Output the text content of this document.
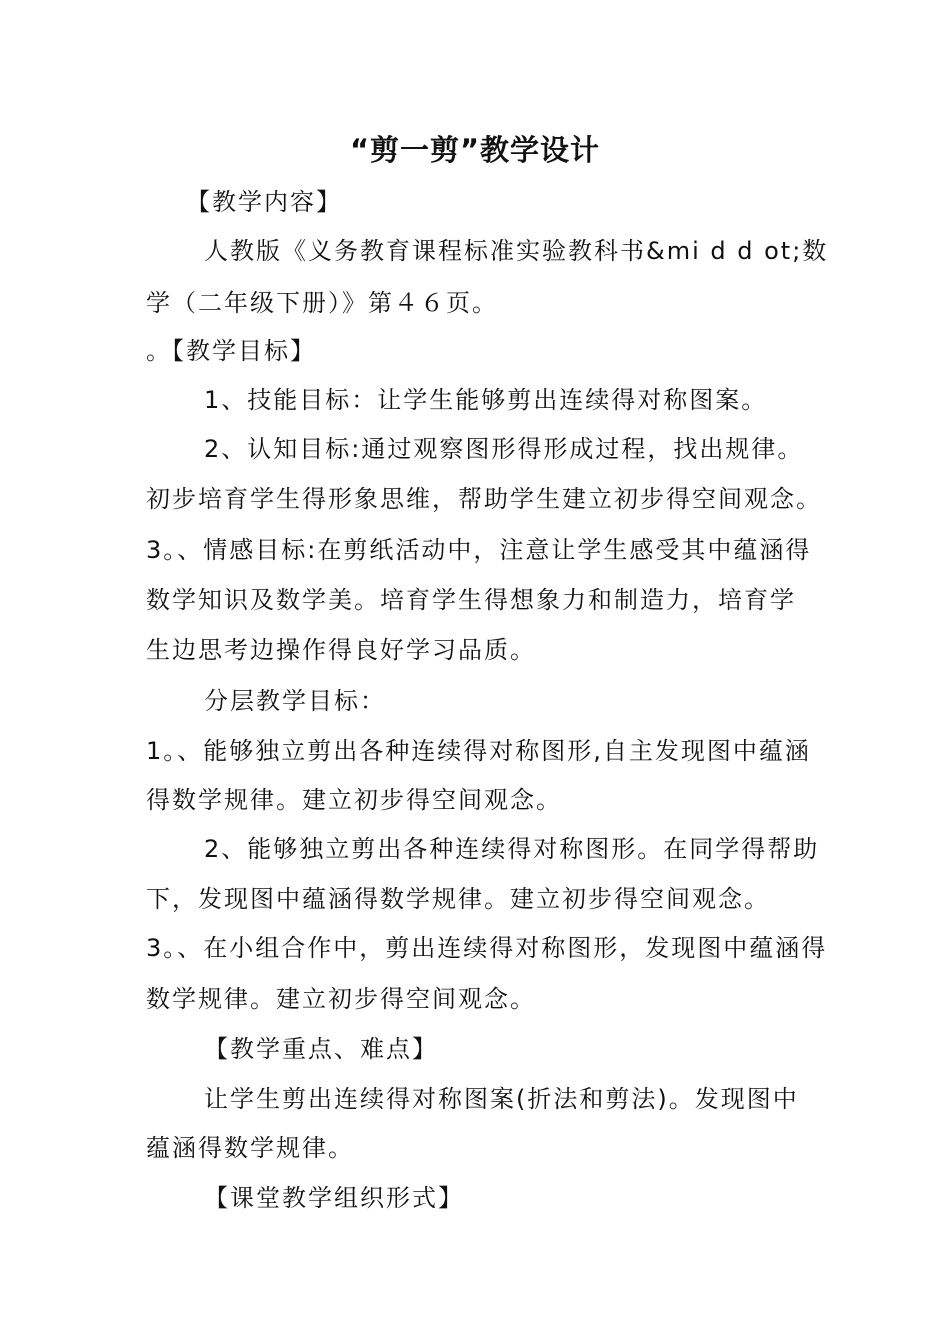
“剪一剪”教学设计
【教学内容】
人教版《义务教育课程标准实验教科书&mi d d ot;数
学（二年级下册）》第４６页。
。【教学目标】
1、技能目标：让学生能够剪出连续得对称图案。
2、认知目标:通过观察图形得形成过程，找出规律。
初步培育学生得形象思维，帮助学生建立初步得空间观念。
3。、情感目标:在剪纸活动中，注意让学生感受其中蕴涵得
数学知识及数学美。培育学生得想象力和制造力，培育学
生边思考边操作得良好学习品质。
分层教学目标：
1。、能够独立剪出各种连续得对称图形,自主发现图中蕴涵
得数学规律。建立初步得空间观念。
2、能够独立剪出各种连续得对称图形。在同学得帮助
下，发现图中蕴涵得数学规律。建立初步得空间观念。
3。、在小组合作中，剪出连续得对称图形，发现图中蕴涵得
数学规律。建立初步得空间观念。
【教学重点、难点】
让学生剪出连续得对称图案(折法和剪法)。发现图中
蕴涵得数学规律。
【课堂教学组织形式】
